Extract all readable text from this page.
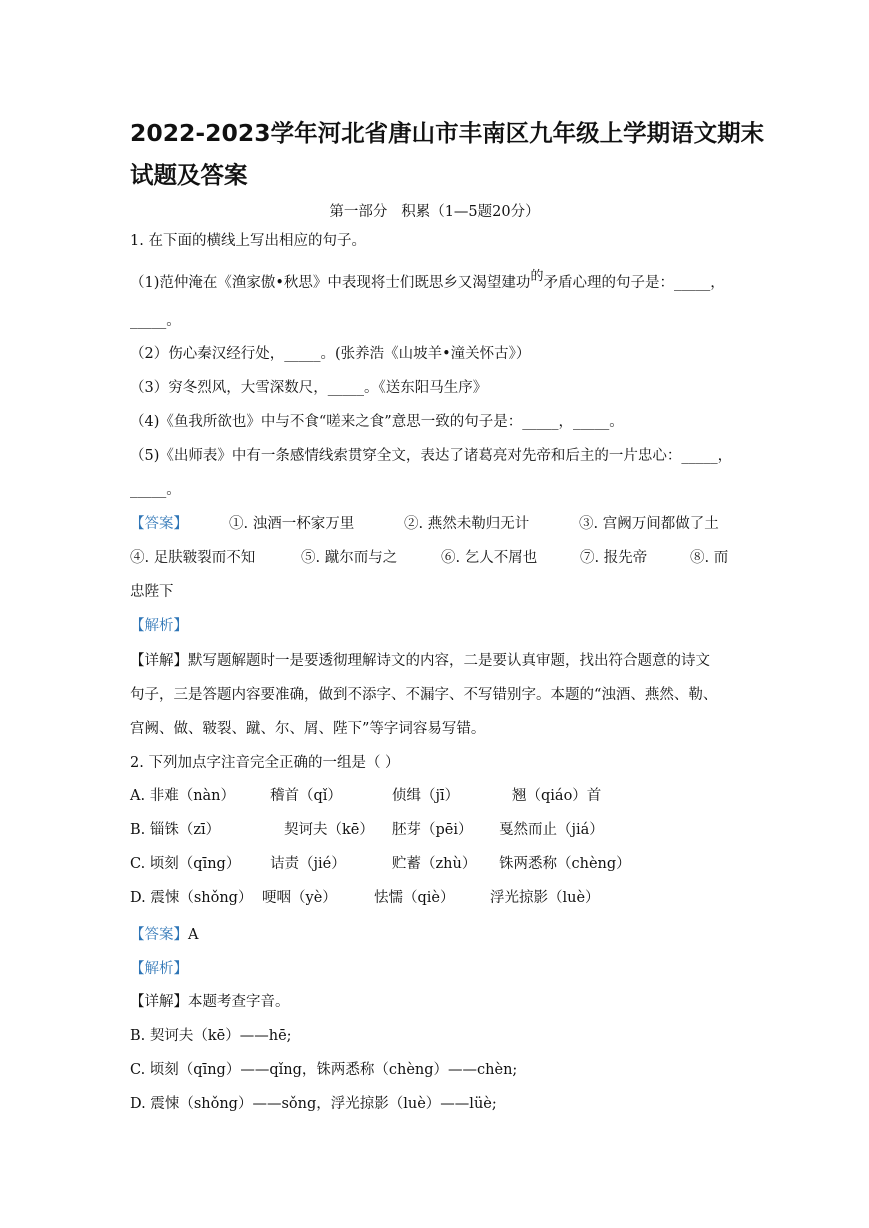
2022-2023学年河北省唐山市丰南区九年级上学期语文期末
试题及答案
第一部分   积累（1—5题20分）
1. 在下面的横线上写出相应的句子。
（1)范仲淹在《渔家傲•秋思》中表现将士们既思乡又渴望建功的矛盾心理的句子是：_____，
_____。
（2）伤心秦汉经行处，_____。(张养浩《山坡羊•潼关怀古》）
（3）穷冬烈风，大雪深数尺，_____。《送东阳马生序》
（4)《鱼我所欲也》中与不食“嗟来之食”意思一致的句子是：_____，_____。
（5)《出师表》中有一条感情线索贯穿全文，表达了诸葛亮对先帝和后主的一片忠心：_____，
_____。
【答案】	①. 浊酒一杯家万里	②. 燕然未勒归无计	③. 宫阙万间都做了土
④. 足肤皲裂而不知	⑤. 蹴尔而与之	⑥. 乞人不屑也	⑦. 报先帝	⑧. 而
忠陛下
【解析】
【详解】默写题解题时一是要透彻理解诗文的内容，二是要认真审题，找出符合题意的诗文
句子，三是答题内容要准确，做到不添字、不漏字、不写错别字。本题的“浊酒、燕然、勒、
宫阙、做、皲裂、蹴、尔、屑、陛下”等字词容易写错。
2. 下列加点字注音完全正确的一组是（ ）
A. 非难（nàn） 稽首（qǐ）	侦缉（jī）	翘（qiáo）首
B. 锱铢（zī）	契诃夫（kē） 胚芽（pēi） 戛然而止（jiá）
C. 顷刻（qīng） 诘责（jié）	贮蓄（zhù） 铢两悉称（chèng）
D. 震悚（shǒng） 哽咽（yè）	怯懦（qiè） 浮光掠影（luè）
【答案】A
【解析】
【详解】本题考查字音。
B. 契诃夫（kē）——hē;
C. 顷刻（qīng）——qǐng，铢两悉称（chèng）——chèn;
D. 震悚（shǒng）——sǒng，浮光掠影（luè）——lüè;
